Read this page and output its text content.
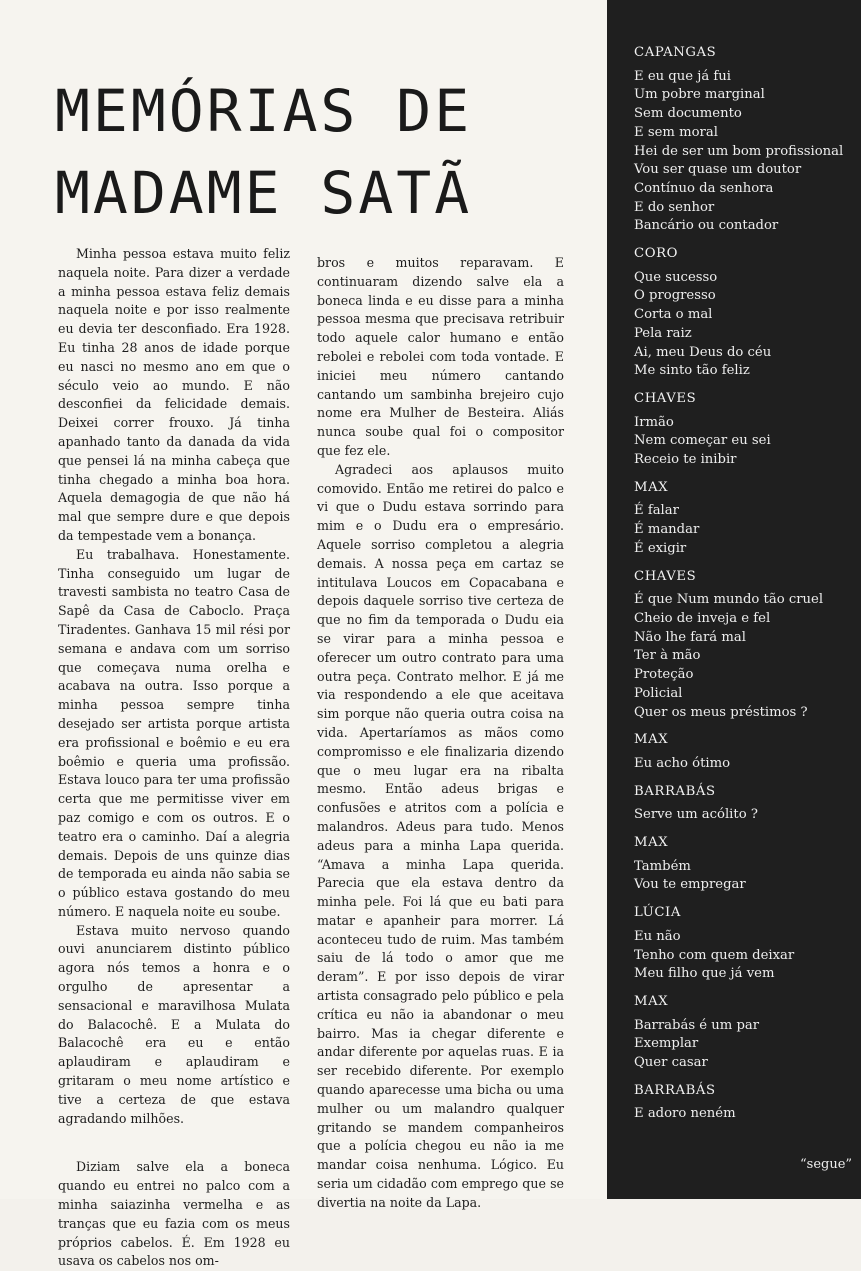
MEMÓRIAS DE
MADAME SATÃ

Minha pessoa estava muito feliz naquela noite. Para dizer a verdade a minha pessoa estava feliz demais naquela noite e por isso realmente eu devia ter desconfiado. Era 1928. Eu tinha 28 anos de idade porque eu nasci no mesmo ano em que o século veio ao mundo. E não desconfiei da felicidade demais. Deixei correr frouxo. Já tinha apanhado tanto da danada da vida que pensei lá na minha cabeça que tinha chegado a minha boa hora. Aquela demagogia de que não há mal que sempre dure e que depois da tempestade vem a bonança.

Eu trabalhava. Honestamente. Tinha conseguido um lugar de travesti sambista no teatro Casa de Sapê da Casa de Caboclo. Praça Tiradentes. Ganhava 15 mil rési por semana e andava com um sorriso que começava numa orelha e acabava na outra. Isso porque a minha pessoa sempre tinha desejado ser artista porque artista era profissional e boêmio e eu era boêmio e queria uma profissão. Estava louco para ter uma profissão certa que me permitisse viver em paz comigo e com os outros. E o teatro era o caminho. Daí a alegria demais. Depois de uns quinze dias de temporada eu ainda não sabia se o público estava gostando do meu número. E naquela noite eu soube.

Estava muito nervoso quando ouvi anunciarem distinto público agora nós temos a honra e o orgulho de apresentar a sensacional e maravilhosa Mulata do Balacochê. E a Mulata do Balacochê era eu e então aplaudiram e aplaudiram e gritaram o meu nome artístico e tive a certeza de que estava agradando milhões.

Diziam salve ela a boneca quando eu entrei no palco com a minha saiazinha vermelha e as tranças que eu fazia com os meus próprios cabelos. É. Em 1928 eu usava os cabelos nos om-

bros e muitos reparavam. E continuaram dizendo salve ela a boneca linda e eu disse para a minha pessoa mesma que precisava retribuir todo aquele calor humano e então rebolei e rebolei com toda vontade. E iniciei meu número cantando cantando um sambinha brejeiro cujo nome era Mulher de Besteira. Aliás nunca soube qual foi o compositor que fez ele.

Agradeci aos aplausos muito comovido. Então me retirei do palco e vi que o Dudu estava sorrindo para mim e o Dudu era o empresário. Aquele sorriso completou a alegria demais. A nossa peça em cartaz se intitulava Loucos em Copacabana e depois daquele sorriso tive certeza de que no fim da temporada o Dudu eia se virar para a minha pessoa e oferecer um outro contrato para uma outra peça. Contrato melhor. E já me via respondendo a ele que aceitava sim porque não queria outra coisa na vida. Apertaríamos as mãos como compromisso e ele finalizaria dizendo que o meu lugar era na ribalta mesmo. Então adeus brigas e confusões e atritos com a polícia e malandros. Adeus para tudo. Menos adeus para a minha Lapa querida. “Amava a minha Lapa querida. Parecia que ela estava dentro da minha pele. Foi lá que eu bati para matar e apanheir para morrer. Lá aconteceu tudo de ruim. Mas também saiu de lá todo o amor que me deram”. E por isso depois de virar artista consagrado pelo público e pela crítica eu não ia abandonar o meu bairro. Mas ia chegar diferente e andar diferente por aquelas ruas. E ia ser recebido diferente. Por exemplo quando aparecesse uma bicha ou uma mulher ou um malandro qualquer gritando se mandem companheiros que a polícia chegou eu não ia me mandar coisa nenhuma. Lógico. Eu seria um cidadão com emprego que se divertia na noite da Lapa.

CAPANGAS
E eu que já fui
Um pobre marginal
Sem documento
E sem moral
Hei de ser um bom profissional
Vou ser quase um doutor
Contínuo da senhora
E do senhor
Bancário ou contador
CORO
Que sucesso
O progresso
Corta o mal
Pela raiz
Ai, meu Deus do céu
Me sinto tão feliz
CHAVES
Irmão
Nem começar eu sei
Receio te inibir
MAX
É falar
É mandar
É exigir
CHAVES
É que Num mundo tão cruel
Cheio de inveja e fel
Não lhe fará mal
Ter à mão
Proteção
Policial
Quer os meus préstimos ?
MAX
Eu acho ótimo
BARRABÁS
Serve um acólito ?
MAX
Também
Vou te empregar
LÚCIA
Eu não
Tenho com quem deixar
Meu filho que já vem
MAX
Barrabás é um par
Exemplar
Quer casar
BARRABÁS
E adoro neném
“segue”
